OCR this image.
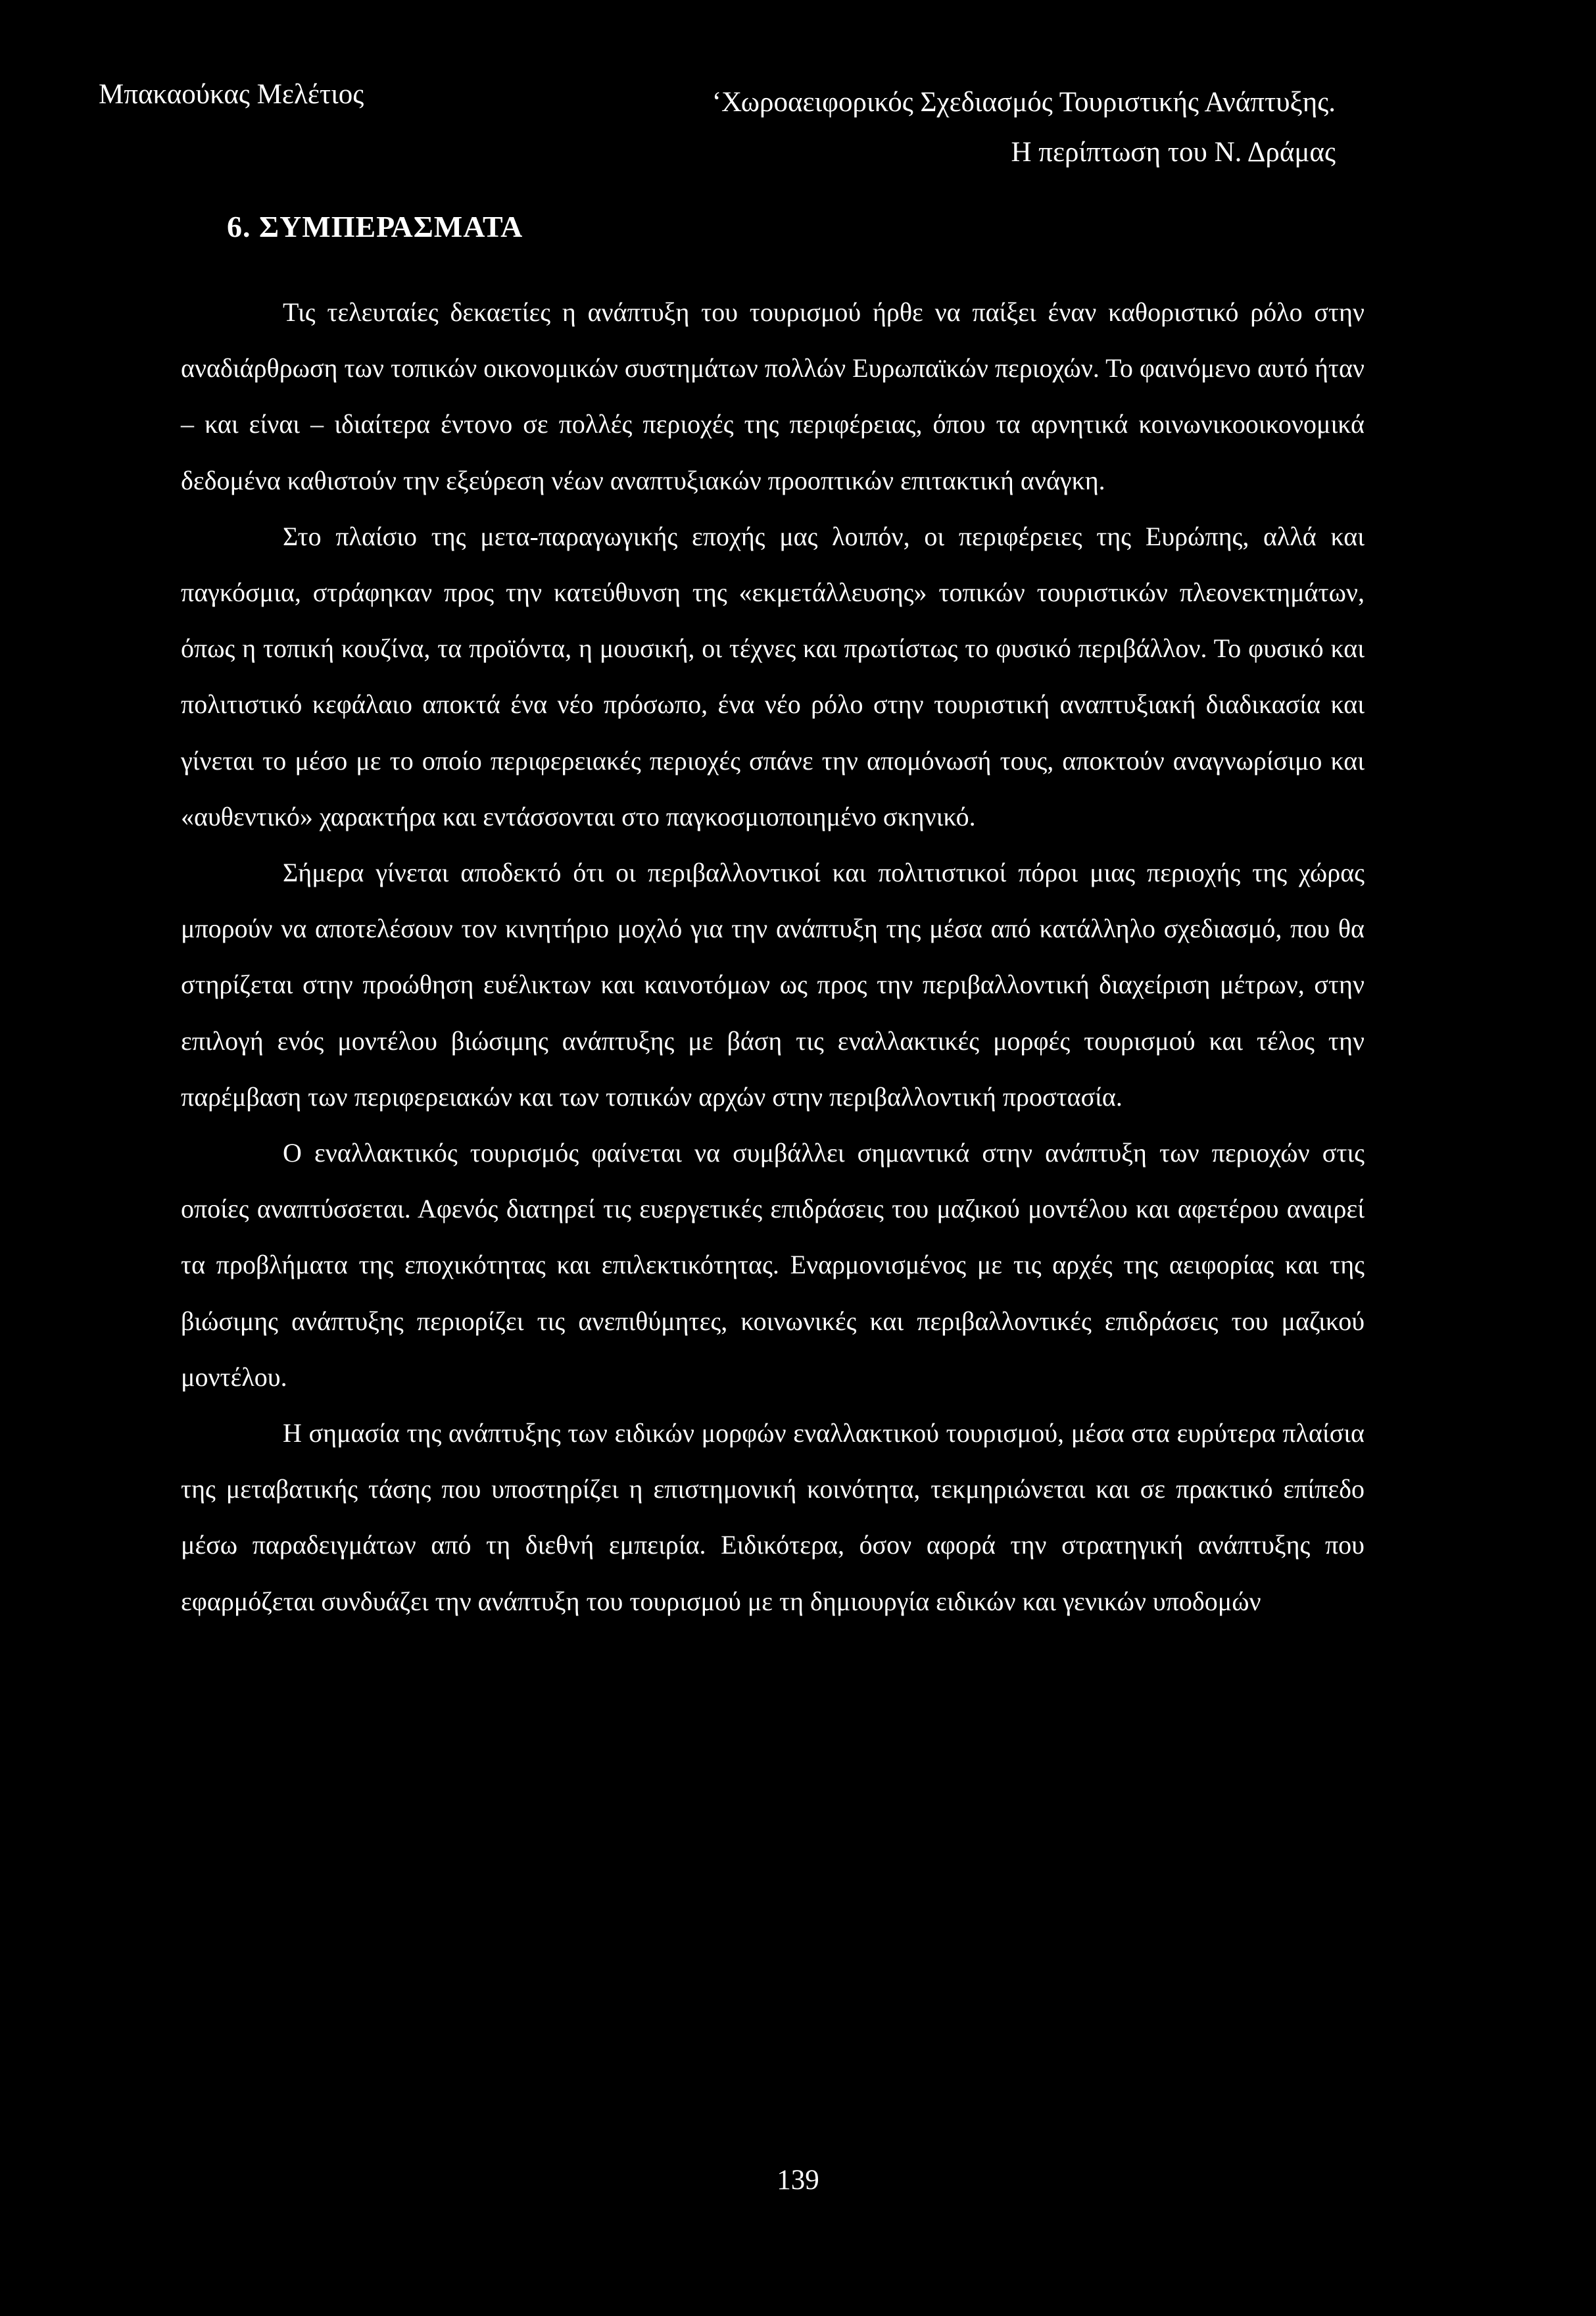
Μπακαούκας Μελέτιος	‘Χωροαειφορικός Σχεδιασμός Τουριστικής Ανάπτυξης.
Η περίπτωση του Ν. Δράμας
6. ΣΥΜΠΕΡΑΣΜΑΤΑ

Τις τελευταίες δεκαετίες η ανάπτυξη του τουρισμού ήρθε να παίξει έναν καθοριστικό ρόλο στην αναδιάρθρωση των τοπικών οικονομικών συστημάτων πολλών Ευρωπαϊκών περιοχών. Το φαινόμενο αυτό ήταν – και είναι – ιδιαίτερα έντονο σε πολλές περιοχές της περιφέρειας, όπου τα αρνητικά κοινωνικοοικονομικά δεδομένα καθιστούν την εξεύρεση νέων αναπτυξιακών προοπτικών επιτακτική ανάγκη.

Στο πλαίσιο της μετα-παραγωγικής εποχής μας λοιπόν, οι περιφέρειες της Ευρώπης, αλλά και παγκόσμια, στράφηκαν προς την κατεύθυνση της «εκμετάλλευσης» τοπικών τουριστικών πλεονεκτημάτων, όπως η τοπική κουζίνα, τα προϊόντα, η μουσική, οι τέχνες και πρωτίστως το φυσικό περιβάλλον. Το φυσικό και πολιτιστικό κεφάλαιο αποκτά ένα νέο πρόσωπο, ένα νέο ρόλο στην τουριστική αναπτυξιακή διαδικασία και γίνεται το μέσο με το οποίο περιφερειακές περιοχές σπάνε την απομόνωσή τους, αποκτούν αναγνωρίσιμο και «αυθεντικό» χαρακτήρα και εντάσσονται στο παγκοσμιοποιημένο σκηνικό.

Σήμερα γίνεται αποδεκτό ότι οι περιβαλλοντικοί και πολιτιστικοί πόροι μιας περιοχής της χώρας μπορούν να αποτελέσουν τον κινητήριο μοχλό για την ανάπτυξη της μέσα από κατάλληλο σχεδιασμό, που θα στηρίζεται στην προώθηση ευέλικτων και καινοτόμων ως προς την περιβαλλοντική διαχείριση μέτρων, στην επιλογή ενός μοντέλου βιώσιμης ανάπτυξης με βάση τις εναλλακτικές μορφές τουρισμού και τέλος την παρέμβαση των περιφερειακών και των τοπικών αρχών στην περιβαλλοντική προστασία.

Ο εναλλακτικός τουρισμός φαίνεται να συμβάλλει σημαντικά στην ανάπτυξη των περιοχών στις οποίες αναπτύσσεται. Αφενός διατηρεί τις ευεργετικές επιδράσεις του μαζικού μοντέλου και αφετέρου αναιρεί τα προβλήματα της εποχικότητας και επιλεκτικότητας. Εναρμονισμένος με τις αρχές της αειφορίας και της βιώσιμης ανάπτυξης περιορίζει τις ανεπιθύμητες, κοινωνικές και περιβαλλοντικές επιδράσεις του μαζικού μοντέλου.

Η σημασία της ανάπτυξης των ειδικών μορφών εναλλακτικού τουρισμού, μέσα στα ευρύτερα πλαίσια της μεταβατικής τάσης που υποστηρίζει η επιστημονική κοινότητα, τεκμηριώνεται και σε πρακτικό επίπεδο μέσω παραδειγμάτων από τη διεθνή εμπειρία. Ειδικότερα, όσον αφορά την στρατηγική ανάπτυξης που εφαρμόζεται συνδυάζει την ανάπτυξη του τουρισμού με τη δημιουργία ειδικών και γενικών υποδομών

139
